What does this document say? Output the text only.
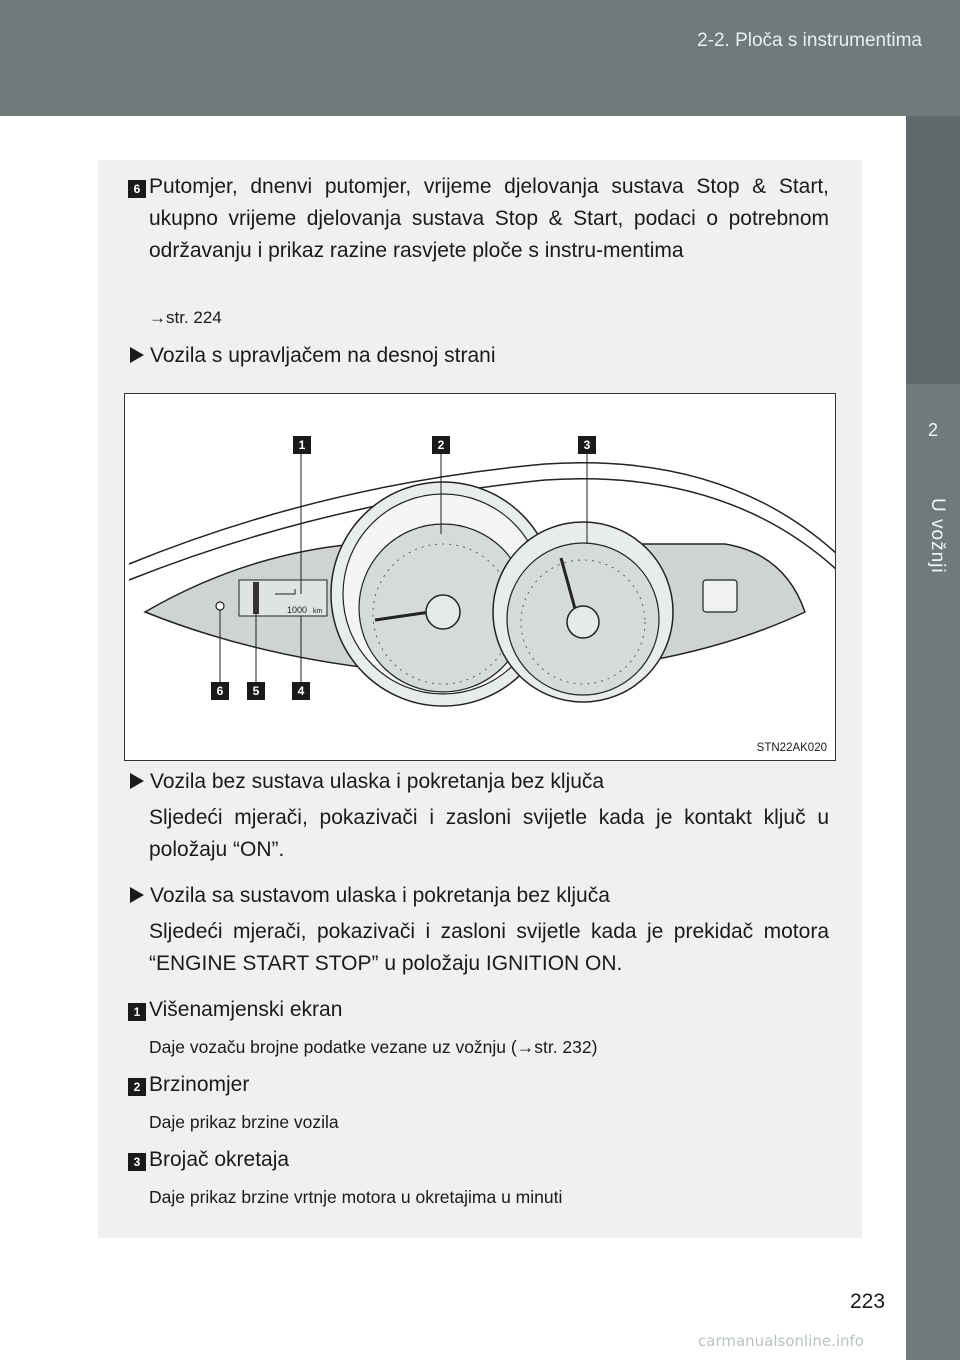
2-2. Ploča s instrumentima
2
U vožnji
6 Putomjer, dnenvi putomjer, vrijeme djelovanja sustava Stop & Start, ukupno vrijeme djelovanja sustava Stop & Start, podaci o potrebnom održavanju i prikaz razine rasvjete ploče s instru-mentima
→str. 224
Vozila s upravljačem na desnoj strani
1000 km
1	2	3
6 5	4
STN22AK020
Vozila bez sustava ulaska i pokretanja bez ključa
Sljedeći mjerači, pokazivači i zasloni svijetle kada je kontakt ključ u položaju “ON”.
Vozila sa sustavom ulaska i pokretanja bez ključa
Sljedeći mjerači, pokazivači i zasloni svijetle kada je prekidač motora “ENGINE START STOP” u položaju IGNITION ON.
1 Višenamjenski ekran
Daje vozaču brojne podatke vezane uz vožnju (→str. 232)
2 Brzinomjer
Daje prikaz brzine vozila
3 Brojač okretaja
Daje prikaz brzine vrtnje motora u okretajima u minuti
223
carmanualsonline.info
